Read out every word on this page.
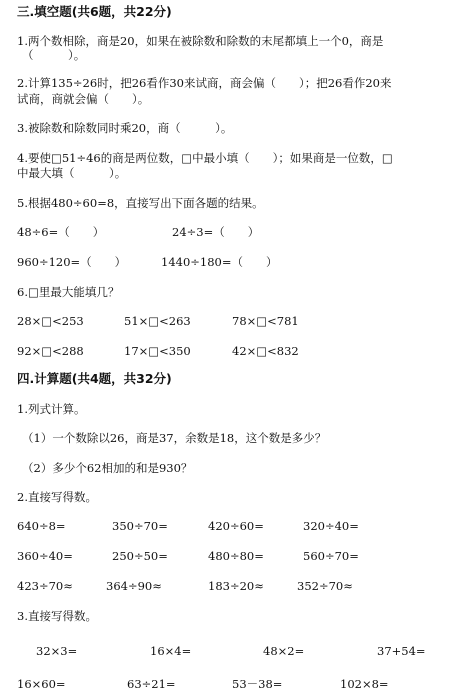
三.填空题(共6题，共22分)
1.两个数相除，商是20，如果在被除数和除数的末尾都填上一个0，商是
（　　　）。
2.计算135÷26时，把26看作30来试商，商会偏（　　）；把26看作20来
试商，商就会偏（　　）。
3.被除数和除数同时乘20，商（　　　）。
4.要使□51÷46的商是两位数，□中最小填（　　）；如果商是一位数，□
中最大填（　　　）。
5.根据480÷60=8，直接写出下面各题的结果。
48÷6=（　　）	24÷3=（　　）
960÷120=（　　）	1440÷180=（　　）
6.□里最大能填几？
28×□<253	51×□<263	78×□<781
92×□<288	17×□<350	42×□<832
四.计算题(共4题，共32分)
1.列式计算。
（1）一个数除以26，商是37，余数是18，这个数是多少？
（2）多少个62相加的和是930？
2.直接写得数。
640÷8=	350÷70=	420÷60=	320÷40=
360÷40=	250÷50=	480÷80=	560÷70=
423÷70≈	364÷90≈	183÷20≈	352÷70≈
3.直接写得数。
32×3=	16×4=	48×2=	37+54=
16×60=	63÷21=	53－38=	102×8=
